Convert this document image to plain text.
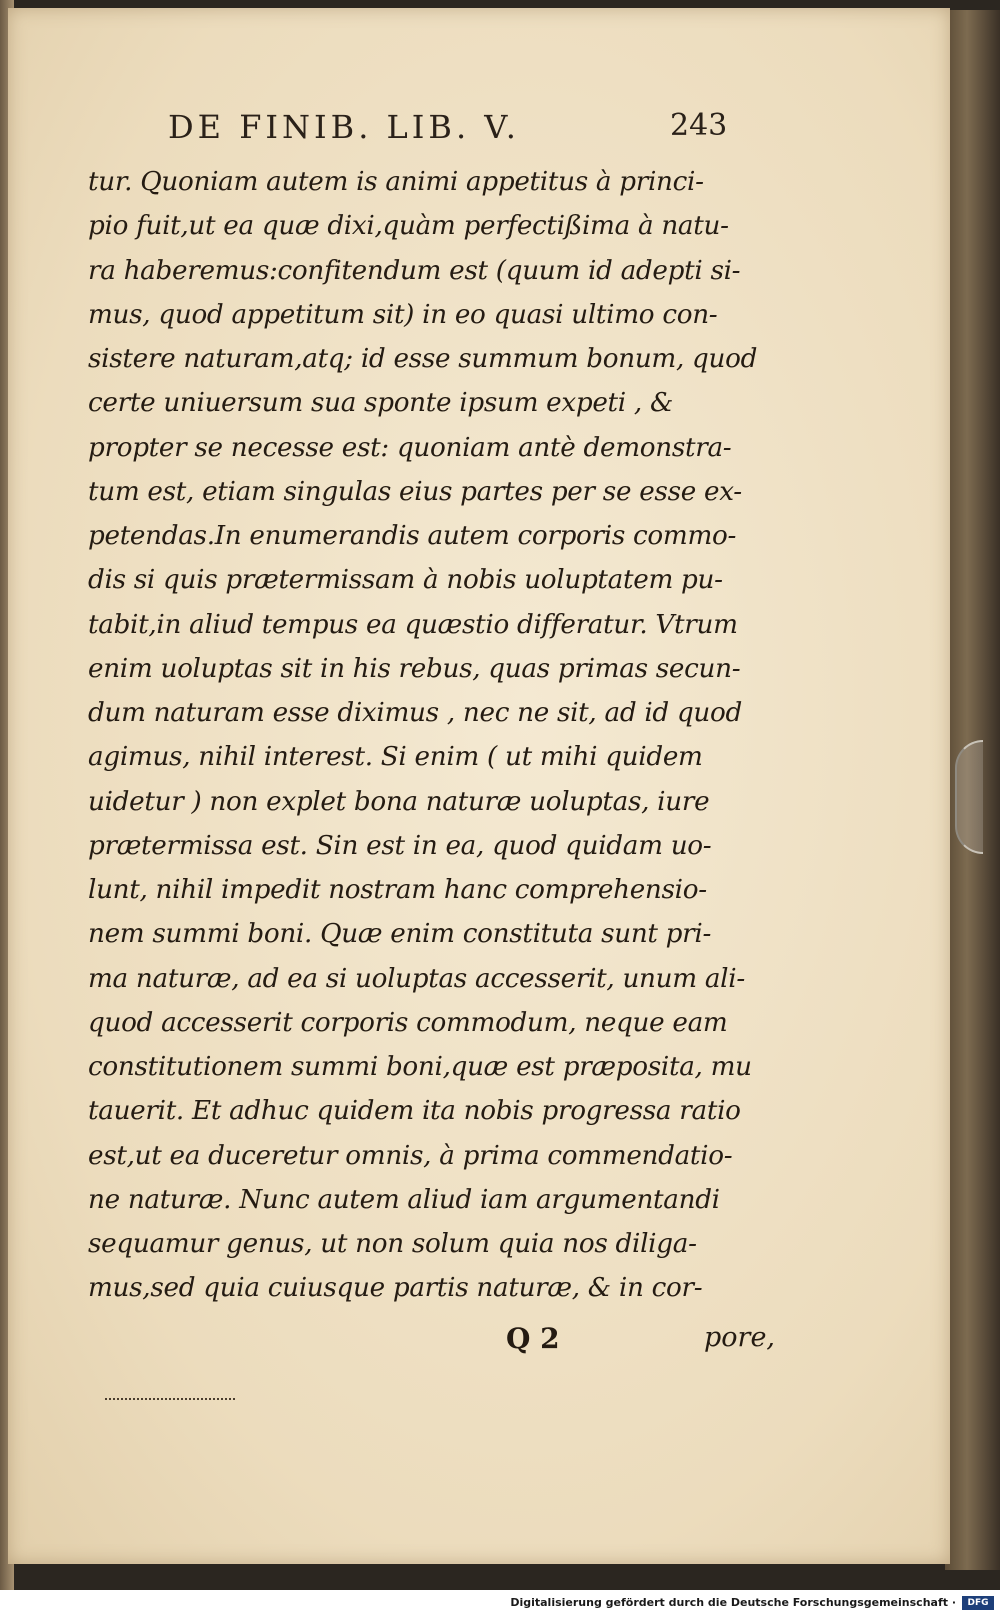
DE FINIB. LIB. V.	243
tur. Quoniam autem is animi appetitus à princi-
pio fuit,ut ea quæ dixi,quàm perfectißima à natu-
ra haberemus:confitendum est (quum id adepti si-
mus, quod appetitum sit) in eo quasi ultimo con-
sistere naturam,atq; id esse summum bonum, quod
certe uniuersum sua sponte ipsum expeti , &
propter se necesse est: quoniam antè demonstra-
tum est, etiam singulas eius partes per se esse ex-
petendas.In enumerandis autem corporis commo-
dis si quis prætermissam à nobis uoluptatem pu-
tabit,in aliud tempus ea quæstio differatur. Vtrum
enim uoluptas sit in his rebus, quas primas secun-
dum naturam esse diximus , nec ne sit, ad id quod
agimus, nihil interest. Si enim ( ut mihi quidem
uidetur ) non explet bona naturæ uoluptas, iure
prætermissa est. Sin est in ea, quod quidam uo-
lunt, nihil impedit nostram hanc comprehensio-
nem summi boni. Quæ enim constituta sunt pri-
ma naturæ, ad ea si uoluptas accesserit, unum ali-
quod accesserit corporis commodum, neque eam
constitutionem summi boni,quæ est præposita, mu
tauerit. Et adhuc quidem ita nobis progressa ratio
est,ut ea duceretur omnis, à prima commendatio-
ne naturæ. Nunc autem aliud iam argumentandi
sequamur genus, ut non solum quia nos diliga-
mus,sed quia cuiusque partis naturæ, & in cor-
Q 2	pore,
Digitalisierung gefördert durch die Deutsche Forschungsgemeinschaft ·	DFG
